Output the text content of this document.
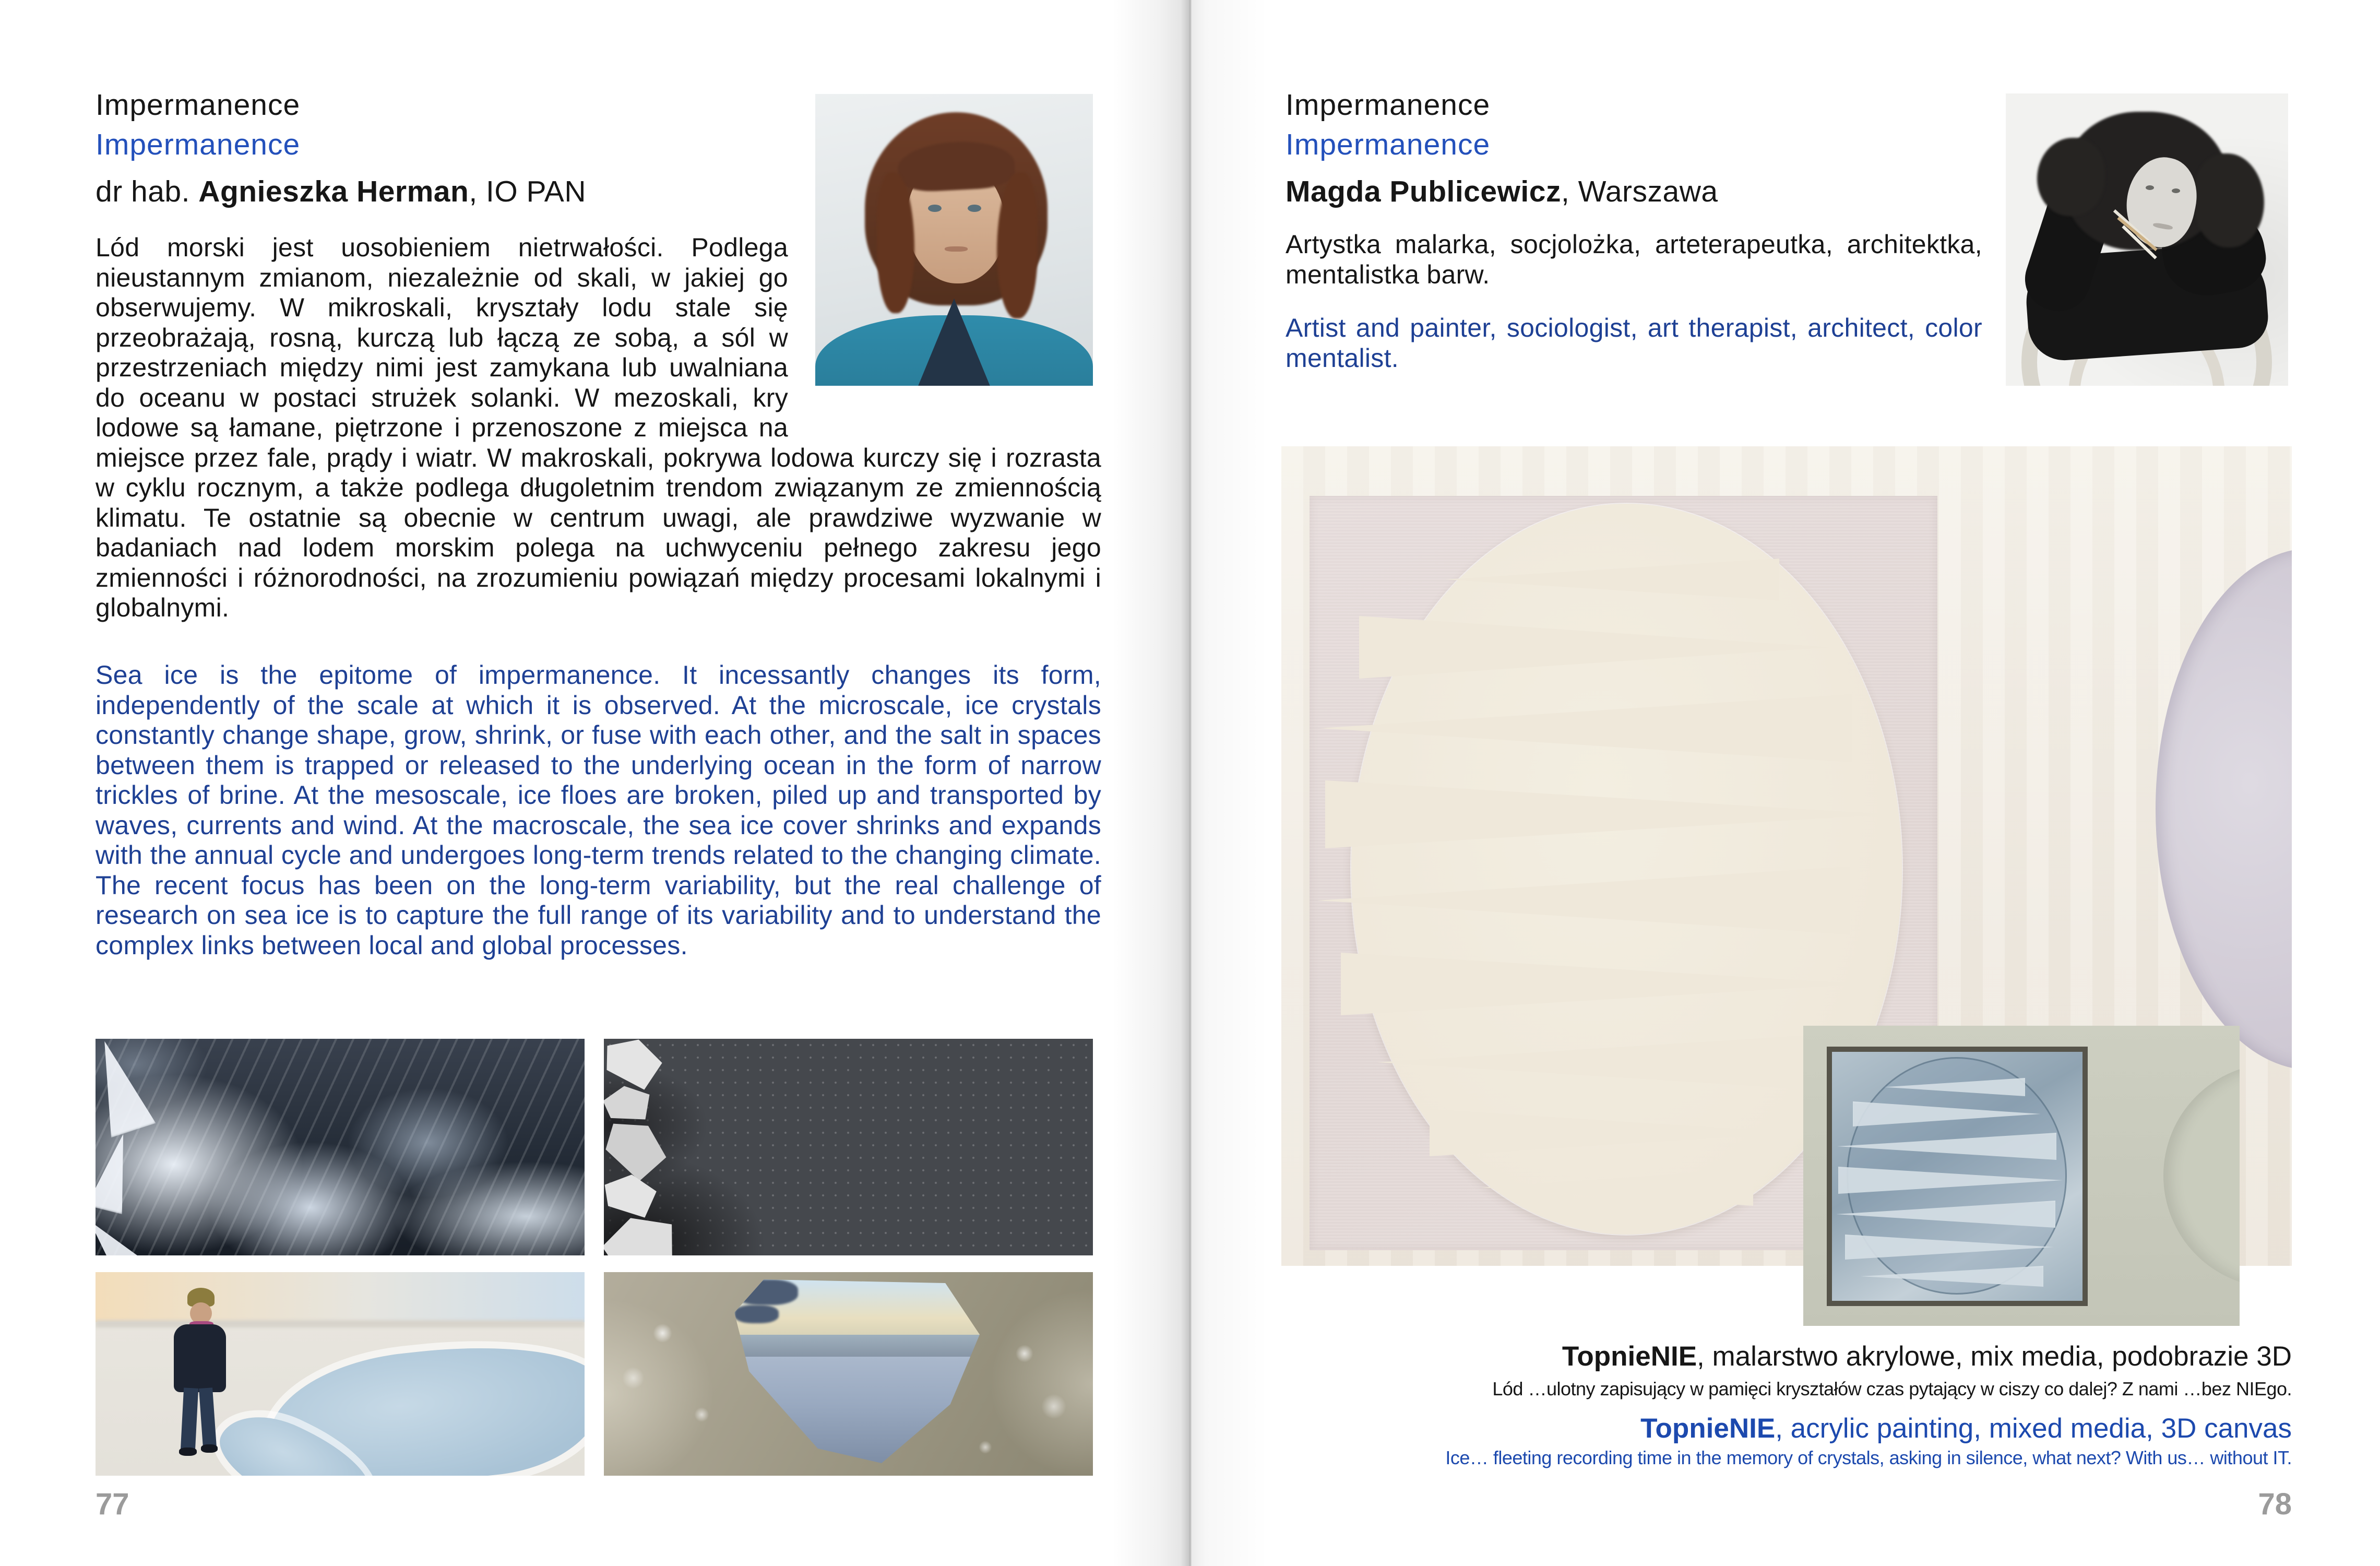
Impermanence
Impermanence
dr hab. Agnieszka Herman, IO PAN

Lód morski jest uosobieniem nietrwałości. Podlega nieustannym zmianom, niezależnie od skali, w jakiej go obserwujemy. W mikroskali, kryształy lodu stale się przeobrażają, rosną, kurczą lub łączą ze sobą, a sól w przestrzeniach między nimi jest zamykana lub uwalniana do oceanu w postaci strużek solanki. W mezoskali, kry lodowe są łamane, piętrzone i przenoszone z miejsca na miejsce przez fale, prądy i wiatr. W makroskali, pokrywa lodowa kurczy się i rozrasta w cyklu rocznym, a także podlega długoletnim trendom związanym ze zmiennością klimatu. Te ostatnie są obecnie w centrum uwagi, ale prawdziwe wyzwanie w badaniach nad lodem morskim polega na uchwyceniu pełnego zakresu jego zmienności i różnorodności, na zrozumieniu powiązań między procesami lokalnymi i globalnymi.

Sea ice is the epitome of impermanence. It incessantly changes its form, independently of the scale at which it is observed. At the microscale, ice crystals constantly change shape, grow, shrink, or fuse with each other, and the salt in spaces between them is trapped or released to the underlying ocean in the form of narrow trickles of brine. At the mesoscale, ice floes are broken, piled up and transported by waves, currents and wind. At the macroscale, the sea ice cover shrinks and expands with the annual cycle and undergoes long-term trends related to the changing climate. The recent focus has been on the long-term variability, but the real challenge of research on sea ice is to capture the full range of its variability and to understand the complex links between local and global processes.

77
Impermanence
Impermanence
Magda Publicewicz, Warszawa

Artystka malarka, socjolożka, arteterapeutka, architektka, mentalistka barw.

Artist and painter, sociologist, art therapist, architect, color mentalist.

TopnieNIE, malarstwo akrylowe, mix media, podobrazie 3D
Lód …ulotny zapisujący w pamięci kryształów czas pytający w ciszy co dalej? Z nami …bez NIEgo.
TopnieNIE, acrylic painting, mixed media, 3D canvas
Ice… fleeting recording time in the memory of crystals, asking in silence, what next? With us… without IT.
78
